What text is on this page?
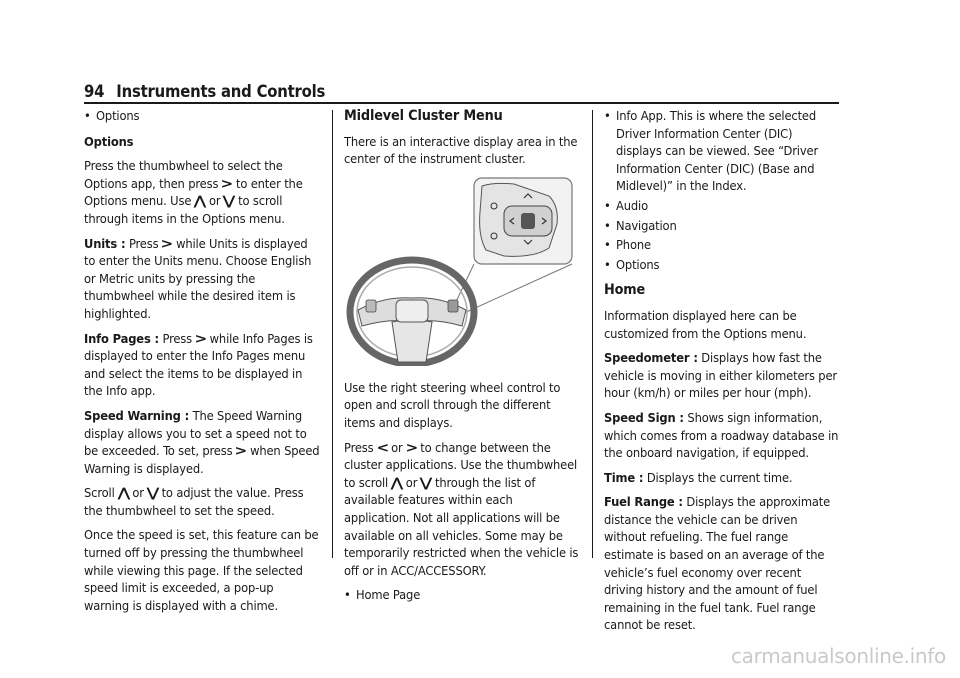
94 Instruments and Controls
•
Options

Options

Press the thumbwheel to select the Options app, then press > to enter the Options menu. Use ⋀ or ⋁ to scroll through items in the Options menu.

Units : Press > while Units is displayed to enter the Units menu. Choose English or Metric units by pressing the thumbwheel while the desired item is highlighted.

Info Pages : Press > while Info Pages is displayed to enter the Info Pages menu and select the items to be displayed in the Info app.

Speed Warning : The Speed Warning display allows you to set a speed not to be exceeded. To set, press > when Speed Warning is displayed.

Scroll ⋀ or ⋁ to adjust the value. Press the thumbwheel to set the speed.

Once the speed is set, this feature can be turned off by pressing the thumbwheel while viewing this page. If the selected speed limit is exceeded, a pop-up warning is displayed with a chime.

Midlevel Cluster Menu

There is an interactive display area in the center of the instrument cluster.

Use the right steering wheel control to open and scroll through the different items and displays.

Press < or > to change between the cluster applications. Use the thumbwheel to scroll ⋀ or ⋁ through the list of available features within each application. Not all applications will be available on all vehicles. Some may be temporarily restricted when the vehicle is off or in ACC/ACCESSORY.

•
Home Page
•
Info App. This is where the selected Driver Information Center (DIC) displays can be viewed. See “Driver Information Center (DIC) (Base and Midlevel)” in the Index.
•
Audio
•
Navigation
•
Phone
•
Options
Home

Information displayed here can be customized from the Options menu.

Speedometer : Displays how fast the vehicle is moving in either kilometers per hour (km/h) or miles per hour (mph).

Speed Sign : Shows sign information, which comes from a roadway database in the onboard navigation, if equipped.

Time : Displays the current time.

Fuel Range : Displays the approximate distance the vehicle can be driven without refueling. The fuel range estimate is based on an average of the vehicle’s fuel economy over recent driving history and the amount of fuel remaining in the fuel tank. Fuel range cannot be reset.

carmanualsonline.info
